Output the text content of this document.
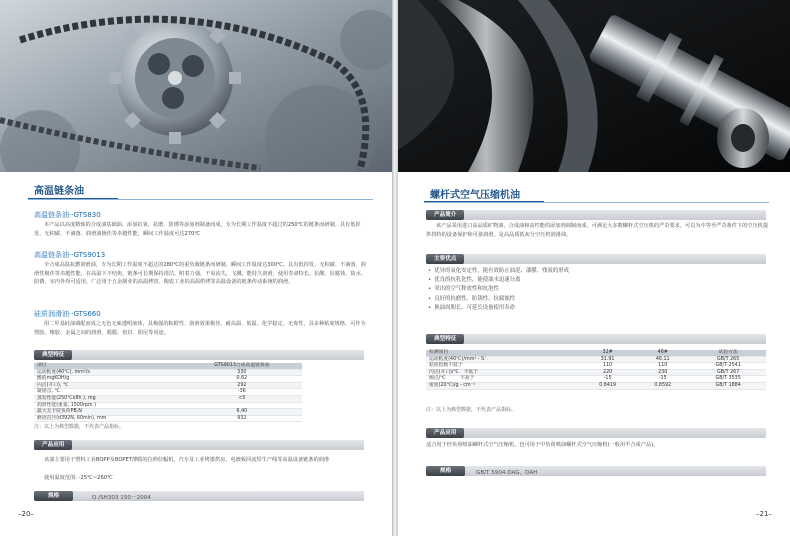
高温链条油
高温链条油··GTS830
本产品以高度精炼的合成油基础油，添加抗氧、抗磨、防锈等添加剂制备而成，专为长期工作温度不超过的250℃的链条而研制。具有低挥发、无积碳、不滴落、润滑油极佳等卓越性能，瞬间工作温度可达270℃
高温链条油··GTS9013
全合成高温抗燃润滑油，专为长期工作温度不超过的280℃的重负载链条而研制，瞬间工作温度达300℃。具有低挥发、无积碳、不滴落、润滑性极佳等卓越性能，在高温下不结焦，链条可长期保持清洁。附着力强，不易流失，飞溅，能持久润滑，使用寿命特长。抗酸、抗腐蚀、防水、防锈，室内外均可适用。广泛用于五金制业的高温烤窑、陶瓷工业的高温烘烤等高温设备的链条传动系统的润滑。
硅质润滑油··GTS660
用二甲基硅油调配而成之无色无味透明液体，具极强的粘附性、润滑效果极佳。耐高温、低温、化学稳定、无毒性，具多种粘度规格，可作为塑胶、橡胶、金属之间的润滑、脱膜、密封、阴尼等用途。
典型特征
项目	GTS9013合成高温链条油
运动粘度(40℃), mm²/s	330
酸值mgKOH/g	0.62
闪点(开口), ℃	292
凝固点, ℃	-36
蒸发性能(250℃x8h ), mg	<5
润滑性能(重量, 1500rpm )	
最大无卡咬负荷PB,N	6.40
磨迹直径(d392N, 60min), mm	932
注：以上为典型数据，不代表产品指标。
产品应用
该油主要用于塑料工业BOPP及BOPET薄膜的拉伸拉幅机、汽车及工业烤漆烘房、电镀板回流焊生产线等高温设备链条的润滑
使用温度范围: -25℃~260℃
规格	Q /SH303 150－2004
–20–
螺杆式空气压缩机油
产品简介
该产品采用进口高品质矿物油、合成油和高性能的添加剂调制而成，可满足大多数螺杆式空压机的严苛要求，可以为中等至严苛条件下的空压机提供持特的设备保护和可靠润滑。是高品质低灰分空压机润滑油。
主要优点
• 优异的氧化安定性，能有效防止油泥、漆膜、残炭的形成
• 优良的抗乳化性，能使油水迅速分离
• 突出的空气释放性和抗泡性
• 良好的抗磨性、防锈性、抗腐蚀性
• 换油周期长，可延长设备使用寿命
典型特征
检测项目	32#	46#	试验方法
运动粘度(40℃)/mm²・S⁻	31.91	46.11	GB/T 265
粘度指数不低于	110	110	GB/T 2541
闪点(开口)/℃　不低于	220	230	GB/T 267
倾点/℃　　　不高于	-15	-15	GB/T 3535
密度(20℃)/g・cm⁻³	0.8419	0.8592	GB/T 1884
注：以上为典型数据，不代表产品指标。
产品应用
适合用于经负荷喷油螺杆式空气压缩机，也可用于中负荷喷油螺杆式空气压缩机(一般用半合成产品)。
规格	GB/T 5904 DAG，DAH
–21–
